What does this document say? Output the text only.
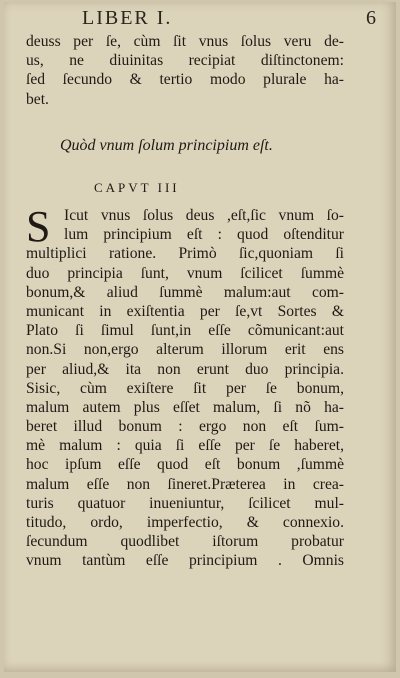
LIBER I.	6
deuss per ſe, cùm ſit vnus ſolus veru de-
us, ne diuinitas recipiat diſtinctonem:
ſed ſecundo & tertio modo plurale ha-
bet.
Quòd vnum ſolum principium eſt.
CAPVT III
S Icut vnus ſolus deus ,eſt,ſic vnum ſo-
lum principium eſt : quod oſtenditur
multiplici ratione. Primò ſic,quoniam ſi
duo principia ſunt, vnum ſcilicet ſummè
bonum,& aliud ſummè malum:aut com-
municant in exiſtentia per ſe,vt Sortes &
Plato ſi ſimul ſunt,in eſſe cõmunicant:aut
non.Si non,ergo alterum illorum erit ens
per aliud,& ita non erunt duo principia.
Sisic, cùm exiſtere ſit per ſe bonum,
malum autem plus eſſet malum, ſi nõ ha-
beret illud bonum : ergo non eſt ſum-
mè malum : quia ſi eſſe per ſe haberet,
hoc ipſum eſſe quod eſt bonum ,ſummè
malum eſſe non ſineret.Præterea in crea-
turis quatuor inueniuntur, ſcilicet mul-
titudo, ordo, imperfectio, & connexio.
ſecundum quodlibet iſtorum probatur
vnum tantùm eſſe principium . Omnis
